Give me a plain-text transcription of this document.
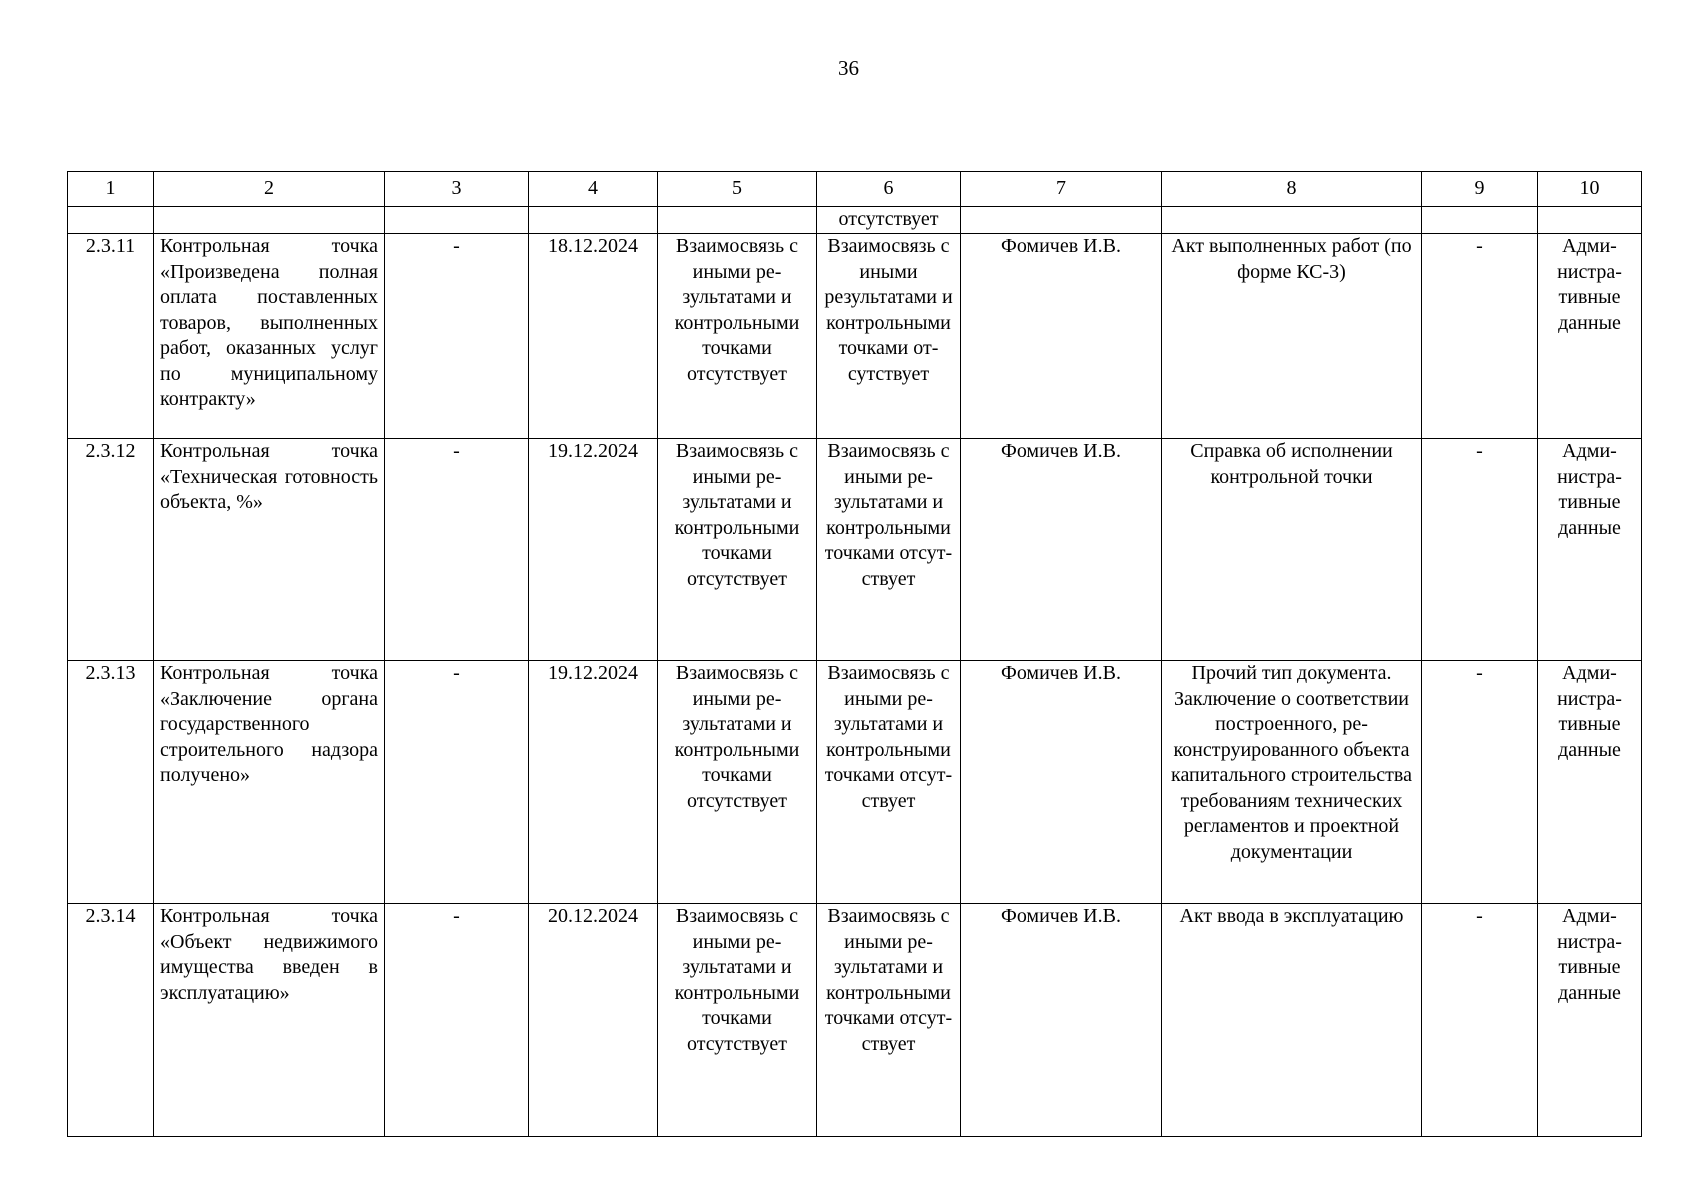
36
1	2	3	4	5	6	7	8	9	10
					отсутствует				
2.3.11	Контрольная точка «Произведена полная оплата поставленных товаров, выполненных работ, оказанных услуг по муниципальному контракту»	-	18.12.2024	Взаимосвязь с иными результатами и контрольными точками отсутствует	Взаимосвязь с иными результатами и контрольными точками отсутствует	Фомичев И.В.	Акт выполненных работ (по форме КС-3)	-	Административные данные
2.3.12	Контрольная точка «Техническая готовность объекта, %»	-	19.12.2024	Взаимосвязь с иными результатами и контрольными точками отсутствует	Взаимосвязь с иными результатами и контрольными точками отсутствует	Фомичев И.В.	Справка об исполнении контрольной точки	-	Административные данные
2.3.13	Контрольная точка «Заключение органа государственного строительного надзора получено»	-	19.12.2024	Взаимосвязь с иными результатами и контрольными точками отсутствует	Взаимосвязь с иными результатами и контрольными точками отсутствует	Фомичев И.В.	Прочий тип документа. Заключение о соответствии построенного, реконструированного объекта капитального строительства требованиям технических регламентов и проектной документации	-	Административные данные
2.3.14	Контрольная точка «Объект недвижимого имущества введен в эксплуатацию»	-	20.12.2024	Взаимосвязь с иными результатами и контрольными точками отсутствует	Взаимосвязь с иными результатами и контрольными точками отсутствует	Фомичев И.В.	Акт ввода в эксплуатацию	-	Административные данные
